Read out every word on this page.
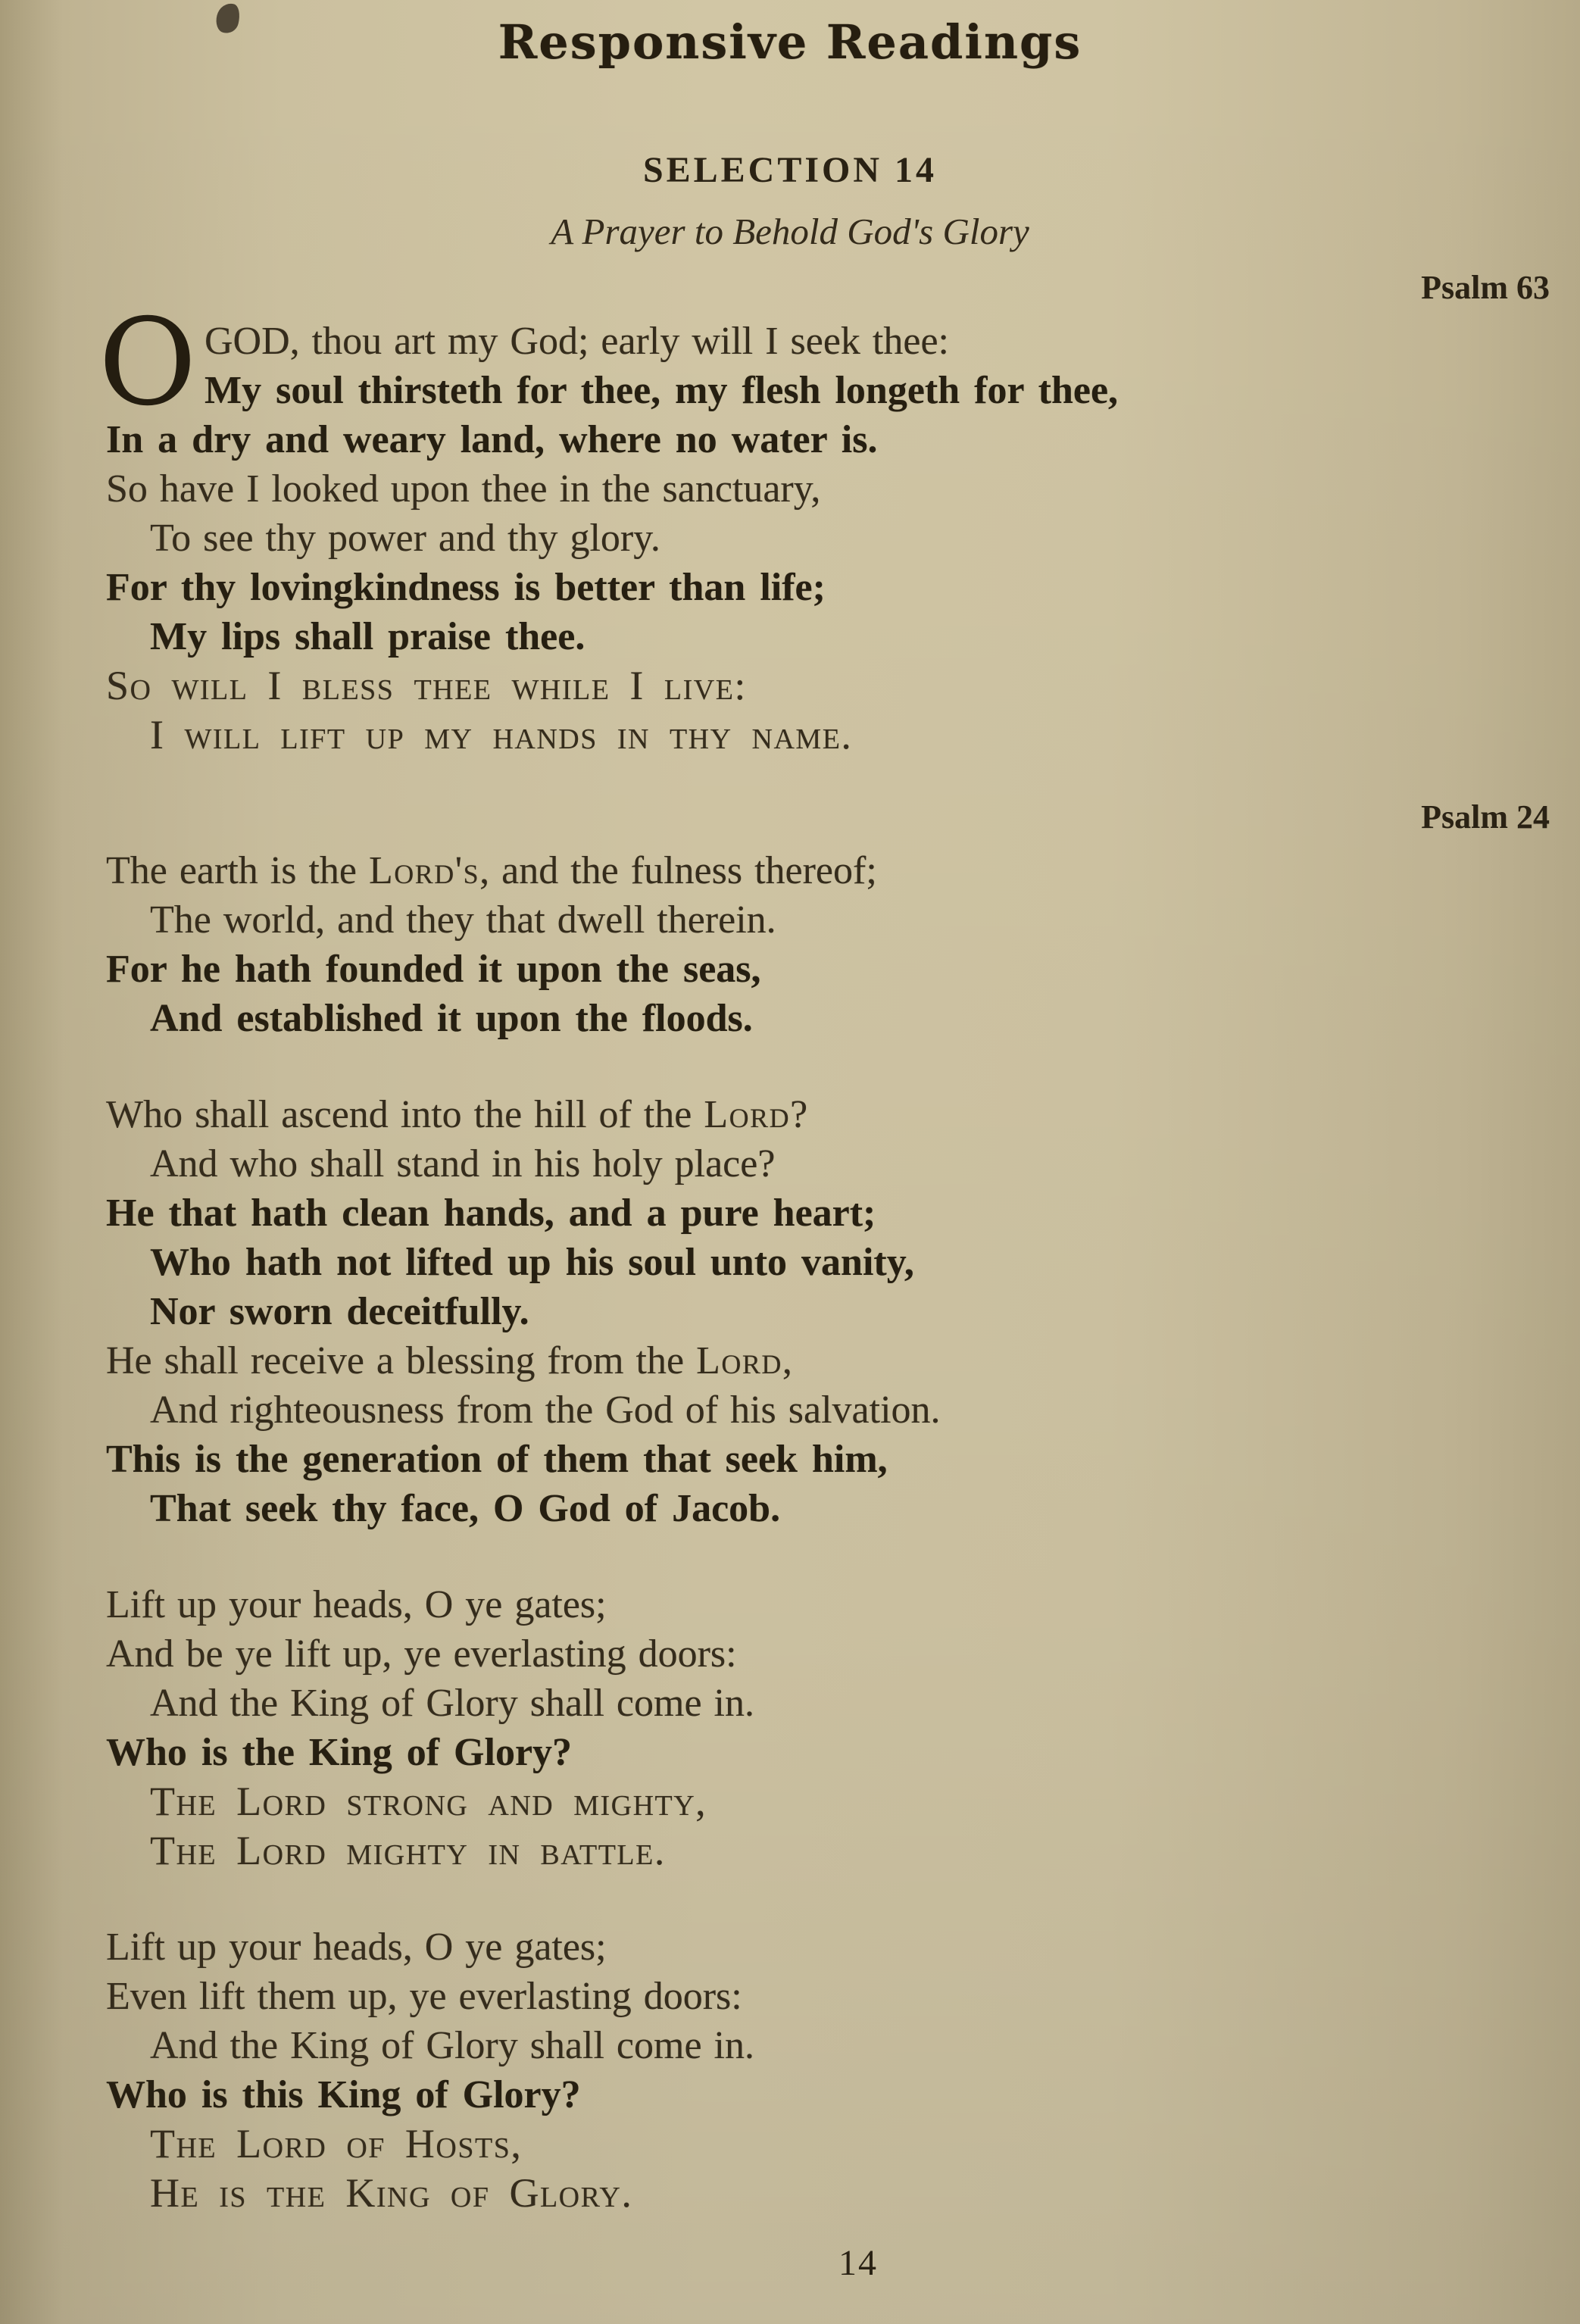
Responsive Readings
SELECTION 14
A Prayer to Behold God's Glory
Psalm 63
O GOD, thou art my God; early will I seek thee:

My soul thirsteth for thee, my flesh longeth for thee,

In a dry and weary land, where no water is.

So have I looked upon thee in the sanctuary,

To see thy power and thy glory.

For thy lovingkindness is better than life;

My lips shall praise thee.

So will I bless thee while I live:

I will lift up my hands in thy name.

Psalm 24

The earth is the Lord's, and the fulness thereof;

The world, and they that dwell therein.

For he hath founded it upon the seas,

And established it upon the floods.

Who shall ascend into the hill of the Lord?

And who shall stand in his holy place?

He that hath clean hands, and a pure heart;

Who hath not lifted up his soul unto vanity,

Nor sworn deceitfully.

He shall receive a blessing from the Lord,

And righteousness from the God of his salvation.

This is the generation of them that seek him,

That seek thy face, O God of Jacob.

Lift up your heads, O ye gates;

And be ye lift up, ye everlasting doors:

And the King of Glory shall come in.

Who is the King of Glory?

The Lord strong and mighty,

The Lord mighty in battle.

Lift up your heads, O ye gates;

Even lift them up, ye everlasting doors:

And the King of Glory shall come in.

Who is this King of Glory?

The Lord of Hosts,

He is the King of Glory.

14
